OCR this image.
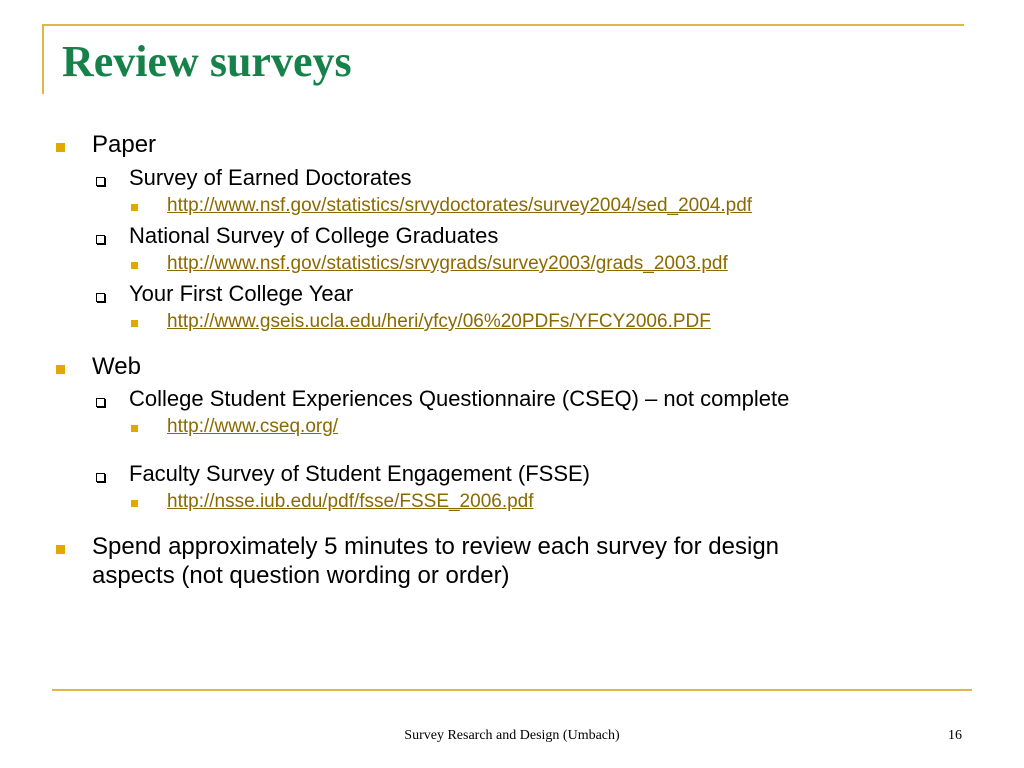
Review surveys
Paper
Survey of Earned Doctorates
http://www.nsf.gov/statistics/srvydoctorates/survey2004/sed_2004.pdf
National Survey of College Graduates
http://www.nsf.gov/statistics/srvygrads/survey2003/grads_2003.pdf
Your First College Year
http://www.gseis.ucla.edu/heri/yfcy/06%20PDFs/YFCY2006.PDF
Web
College Student Experiences Questionnaire (CSEQ) – not complete
http://www.cseq.org/
Faculty Survey of Student Engagement (FSSE)
http://nsse.iub.edu/pdf/fsse/FSSE_2006.pdf
Spend approximately 5 minutes to review each survey for design
aspects (not question wording or order)
Survey Resarch and Design (Umbach)	16
